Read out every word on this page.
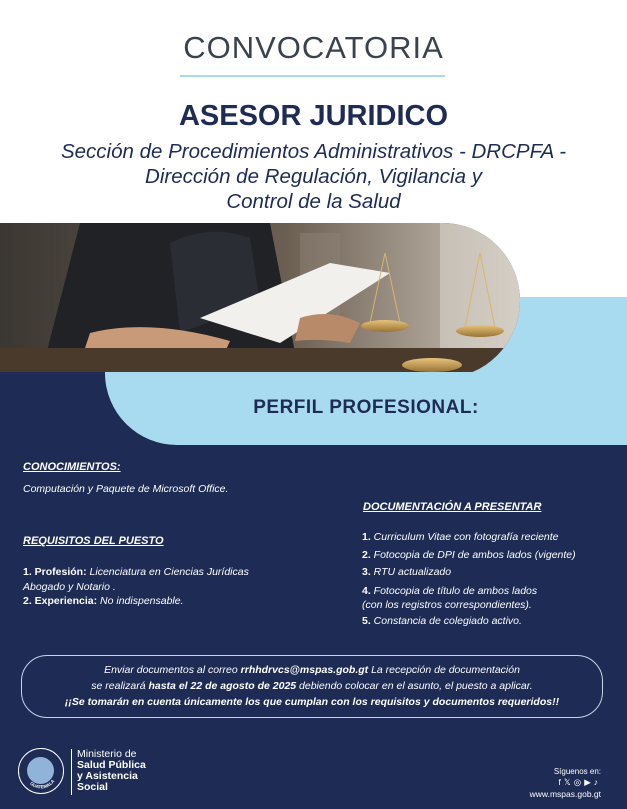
CONVOCATORIA
ASESOR JURIDICO
Sección de Procedimientos Administrativos - DRCPFA -
Dirección de Regulación, Vigilancia y
Control de la Salud
PERFIL PROFESIONAL:
CONOCIMIENTOS:
Computación y Paquete de Microsoft Office.
REQUISITOS DEL PUESTO
1. Profesión: Licenciatura en Ciencias Jurídicas
Abogado y Notario .
2. Experiencia: No indispensable.
DOCUMENTACIÓN A PRESENTAR
1. Curriculum Vitae con fotografía reciente
2. Fotocopia de DPI de ambos lados (vigente)
3. RTU actualizado
4. Fotocopia de título de ambos lados
(con los registros correspondientes).
5. Constancia de colegiado activo.
Enviar documentos al correo rrhhdrvcs@mspas.gob.gt La recepción de documentación
se realizará hasta el 22 de agosto de 2025 debiendo colocar en el asunto, el puesto a aplicar.
¡¡Se tomarán en cuenta únicamente los que cumplan con los requisitos y documentos requeridos!!
GUATEMALA
Ministerio de
Salud Pública
y Asistencia
Social
Síguenos en:
f𝕏◎▶♪
www.mspas.gob.gt
